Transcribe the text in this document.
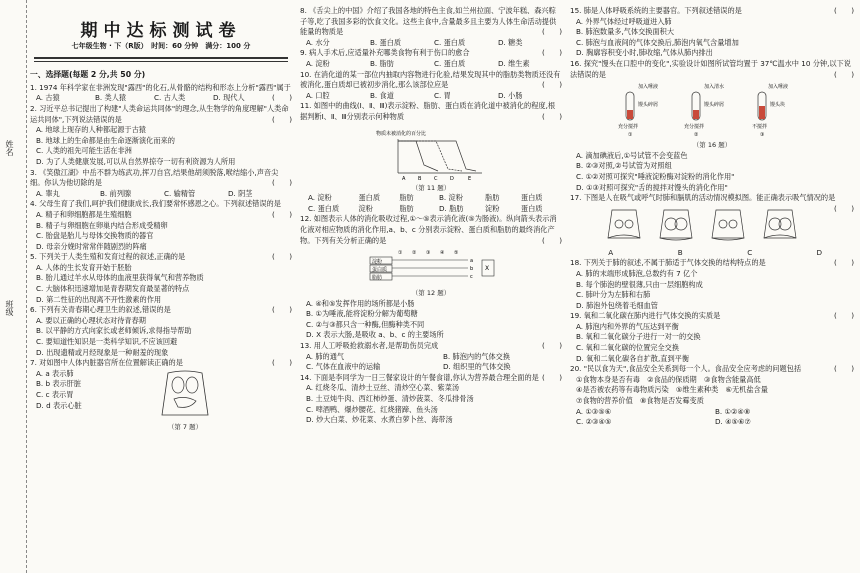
姓名
班级
期中达标测试卷
七年级生物 · 下（R版）　时间：60 分钟　满分：100 分
一、选择题(每题 2 分,共 50 分)
1. 1974 年科学家在非洲发现"露西"的化石,从骨骼的结构和形态上分析"露西"属于
(　　)
A. 古猿	B. 类人猿	C. 古人类	D. 现代人
2. 习近平总书记提出了构建"人类命运共同体"的理念,从生物学的角度理解"人类命运共同体",下列说法错误的是	(　　)
A. 地球上现存的人种都起源于古猿
B. 地球上的生命都是由生命逐渐演化而来的
C. 人类的祖先可能生活在非洲
D. 为了人类健康发展,可以从自然界掠夺一切有利资源为人所用
3. 《笑傲江湖》中岳不群为练武功,挥刀自宫,结果他胡须脱落,喉结缩小,声音尖细。你认为他切除的是	(　　)
A. 睾丸	B. 前列腺	C. 输精管	D. 阴茎
4. 父母生育了我们,呵护我们健康成长,我们要常怀感恩之心。下列叙述错误的是
(　　)
A. 精子和卵细胞都是生殖细胞
B. 精子与卵细胞在卵巢内结合形成受精卵
C. 胎盘是胎儿与母体交换物质的器官
D. 母亲分娩时常常伴随剧烈的阵痛
5. 下列关于人类生殖和发育过程的叙述,正确的是	(　　)
A. 人体的生长发育开始于胚胎
B. 胎儿通过羊水从母体的血液里获得氧气和营养物质
C. 大脑体积迅速增加是青春期发育最显著的特点
D. 第二性征的出现离不开性激素的作用
6. 下列有关青春期心理卫生的叙述,错误的是	(　　)
A. 要以正确的心理状态对待青春期
B. 以平静的方式向家长或老师倾诉,求得指导帮助
C. 要知道性知识是一类科学知识,不应该回避
D. 出现遗精或月经现象是一种耐羞的现象
7. 对如图中人体内脏器官所在位置解读正确的是	(　　)
A. a 表示肺
B. b 表示肝脏
C. c 表示胃
D. d 表示心脏
（第 7 题）
8. 《舌尖上的中国》介绍了我国各地的特色主食,如兰州拉面、宁波年糕、森兴粽子等,吃了我国多彩的饮食文化。这些主食中,含量最多且主要为人体生命活动提供能量的物质是	(　　)
A. 水分	B. 蛋白质	C. 蛋白质	D. 糖类
9. 病人手术后,应适量补充哪类食物有利于伤口的愈合	(　　)
A. 淀粉	B. 脂肪	C. 蛋白质	D. 维生素
10. 在消化道的某一部位内抽取内容物进行化验,结果发现其中的脂肪类物质还没有被消化,蛋白质却已被初步消化,那么该部位应是	(　　)
A. 口腔	B. 食道	C. 胃	D. 小肠
11. 如图中的曲线(Ⅰ、Ⅱ、Ⅲ)表示淀粉、脂肪、蛋白质在消化道中被消化的程度,根据判断Ⅰ、Ⅱ、Ⅲ分别表示何种物质	(　　)
物质未被消化的百分比
A	B	C	D	E
（第 11 题）
A. 淀粉	蛋白质	脂肪
C. 蛋白质	淀粉	脂肪
B. 淀粉	脂肪	蛋白质
D. 脂肪	淀粉	蛋白质
12. 如图表示人体的消化吸收过程,①～⑤表示消化液(⑤为肠液)。纵向箭头表示消化液对相应物质的消化作用,a、b、c 分别表示淀粉、蛋白质和脂肪的最终消化产物。下列有关分析正确的是	(　　)
① ② ③ ④ ⑤
淀粉
蛋白质
脂肪
a
b
c
X
（第 12 题）
A. ④和⑤发挥作用的场所都是小肠
B. ①为唾液,能将淀粉分解为葡萄糖
C. ②与③都只含一种酶,但酶种类不同
D. X 表示大肠,是吸收 a、b、c 的主要场所
13. 用人工呼吸抢救溺水者,是帮助伤员完成	(　　)
A. 肺的通气	B. 肺泡内的气体交换
C. 气体在血液中的运输	D. 组织里的气体交换
14. 下面是李同学为一日三餐家设计的午餐食谱,你认为营养最合理全面的是 (　　)
A. 红烧冬瓜、清炒土豆丝、清炒空心菜、紫菜汤
B. 土豆炖牛肉、西红柿炒蛋、清炒菠菜、冬瓜排骨汤
C. 啤酒鸭、爆炒腰花、红烧猪蹄、鱼头汤
D. 炒大白菜、炒花菜、水煮白萝卜丝、海带汤
15. 肺是人体呼吸系统的主要器官。下列叙述错误的是	(　　)
A. 外界气体经过呼吸道进入肺
B. 肺泡数量多,气体交换面积大
C. 肺泡与血液间的气体交换后,肺泡内氧气含量增加
D. 胸廓容积变小时,肺收缩,气体从肺内排出
16. 探究"馒头在口腔中的变化",实验设计如图所试管均置于 37℃温水中 10 分钟,以下说法错误的是	(　　)
加入唾液	加入清水	加入唾液
馒头碎屑	馒头碎屑	馒头块
充分搅拌	充分搅拌	不搅拌
①	②	③
（第 16 题）
A. 滴加碘液后,①号试管不会变蓝色
B. ②③对照,②号试管为对照组
C. ①②对照可探究"唾液淀粉酶对淀粉的消化作用"
D. ①③对照可探究"舌的搅拌对馒头的消化作用"
17. 下图是人在吸气或呼气时肺和膈肌的活动情况模拟图。能正确表示吸气情况的是
(　　)
A	B	C	D
18. 下列关于肺的叙述,不属于肺适于气体交换的结构特点的是	(　　)
A. 肺的末端形成肺泡,总数约有 7 亿个
B. 每个肺泡的壁很薄,只由一层细胞构成
C. 肺叶分为左肺和右肺
D. 肺泡外包绕着毛细血管
19. 氧和二氧化碳在肺内进行气体交换的实质是	(　　)
A. 肺泡内和外界的气压达到平衡
B. 氧和二氧化碳分子进行一对一的交换
C. 氧和二氧化碳的位置完全交换
D. 氧和二氧化碳各自扩散,直到平衡
20. "民以食为天",食品安全关系到每一个人。食品安全应考虑的问题包括	(　　)
①食物本身是否有毒　 ②食品的保质期　 ③食物含能量高低
④是否被农药等有毒物质污染　 ⑤维生素种类　 ⑥无机盐含量
⑦食物的营养价值　 ⑧食物是否发霉变质
A. ①③⑤⑥	B. ①②④⑧
C. ②③④⑤	D. ④⑤⑥⑦
